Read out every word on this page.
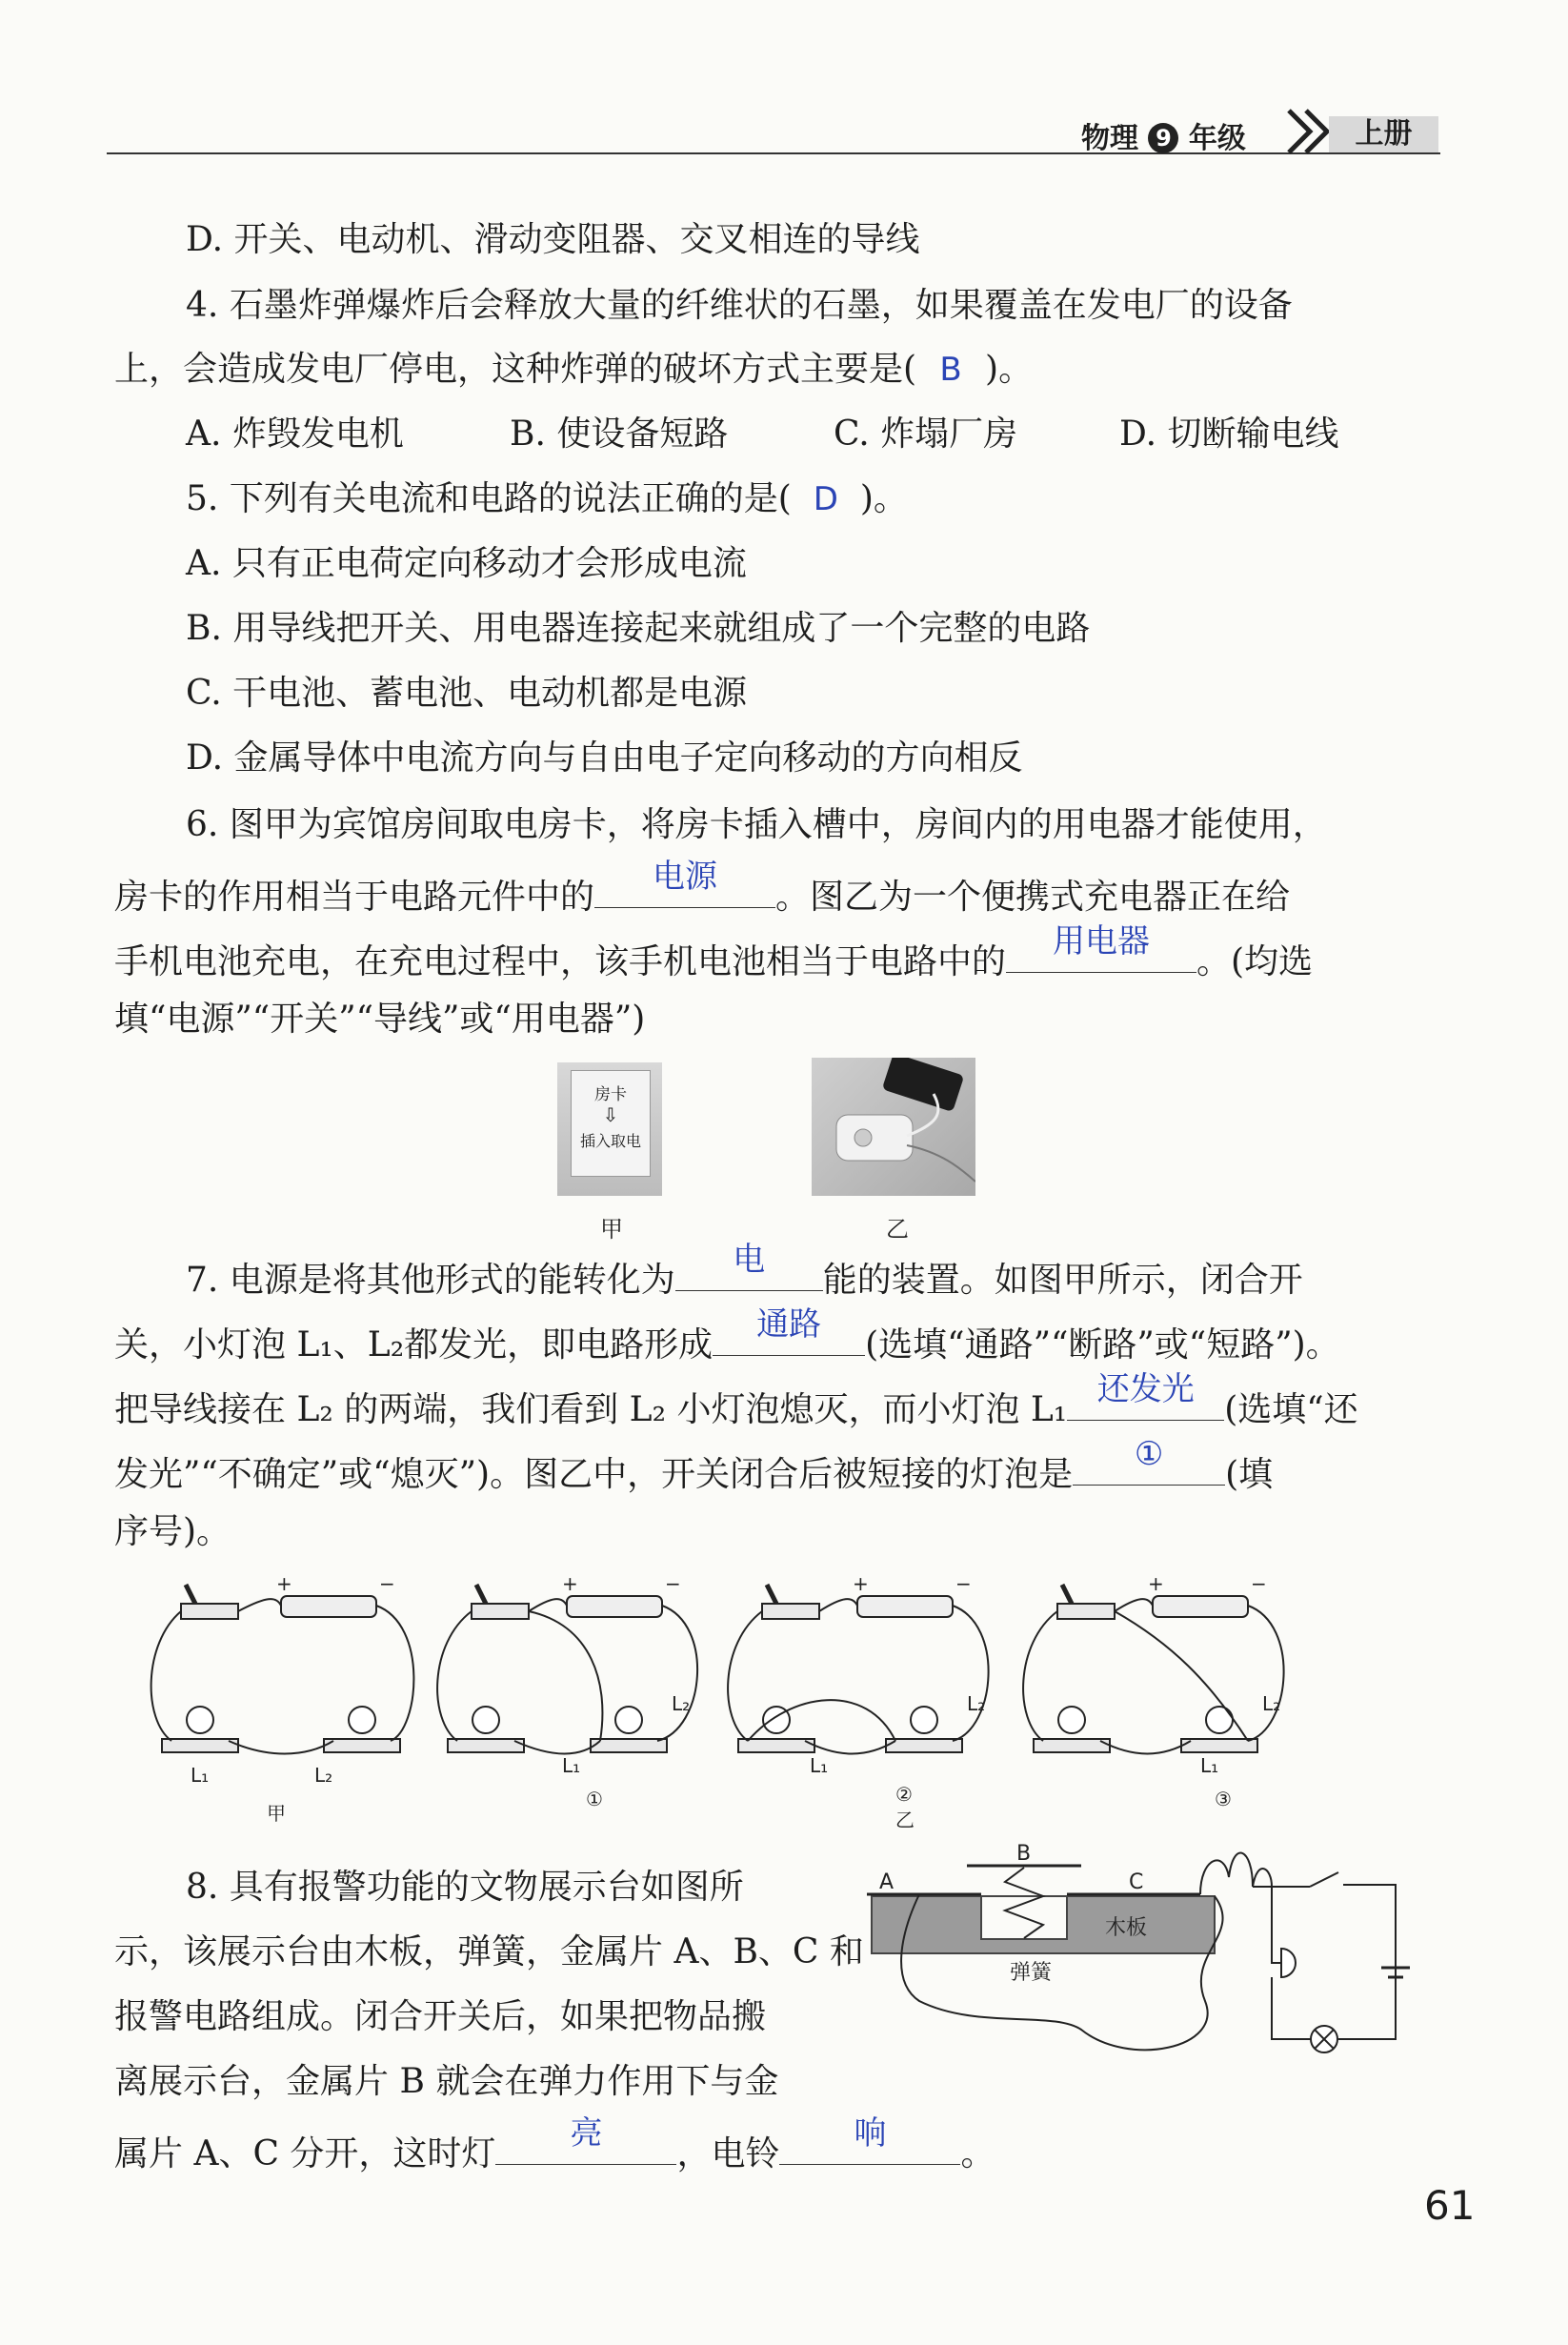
物理 9 年级	上册
D. 开关、电动机、滑动变阻器、交叉相连的导线
4. 石墨炸弹爆炸后会释放大量的纤维状的石墨，如果覆盖在发电厂的设备
上，会造成发电厂停电，这种炸弹的破坏方式主要是( B )。
A. 炸毁发电机	B. 使设备短路	C. 炸塌厂房	D. 切断输电线
5. 下列有关电流和电路的说法正确的是( D )。
A. 只有正电荷定向移动才会形成电流
B. 用导线把开关、用电器连接起来就组成了一个完整的电路
C. 干电池、蓄电池、电动机都是电源
D. 金属导体中电流方向与自由电子定向移动的方向相反
6. 图甲为宾馆房间取电房卡，将房卡插入槽中，房间内的用电器才能使用，
房卡的作用相当于电路元件中的
电源
。图乙为一个便携式充电器正在给
手机电池充电，在充电过程中，该手机电池相当于电路中的
用电器
。(均选
填“电源”“开关”“导线”或“用电器”)
房卡
⇩
插入取电
甲	乙
7. 电源是将其他形式的能转化为
电
能的装置。如图甲所示，闭合开
关，小灯泡 L₁、L₂都发光，即电路形成
通路
(选填“通路”“断路”或“短路”)。
把导线接在 L₂ 的两端，我们看到 L₂ 小灯泡熄灭，而小灯泡 L₁
还发光
(选填“还
发光”“不确定”或“熄灭”)。图乙中，开关闭合后被短接的灯泡是
①
(填
序号)。
+	−
L₁	L₂
甲
+	−
L₁
L₂
①
+	−
L₁
L₂
②
乙
+	−
L₁
L₂
③
8. 具有报警功能的文物展示台如图所
示，该展示台由木板，弹簧，金属片 A、B、C 和
报警电路组成。闭合开关后，如果把物品搬
离展示台，金属片 B 就会在弹力作用下与金
属片 A、C 分开，这时灯
亮
，电铃
响
。
A
B
C
木板
弹簧
61
